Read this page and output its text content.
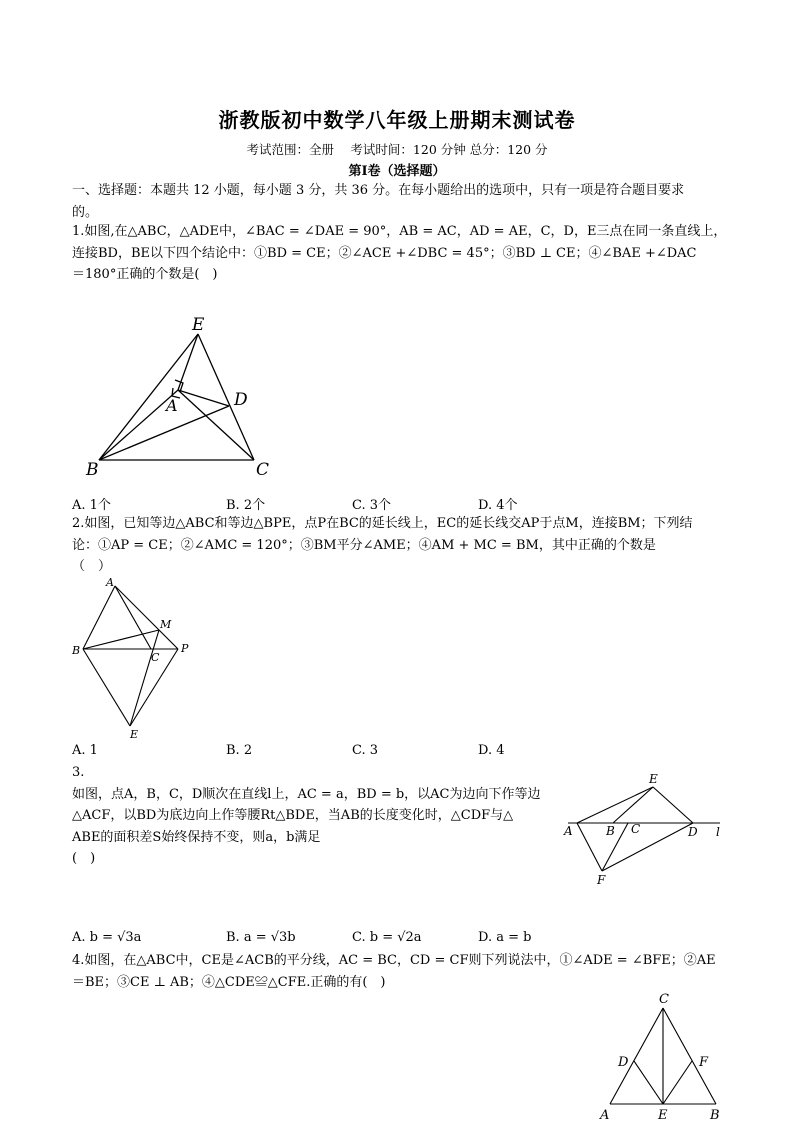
浙教版初中数学八年级上册期末测试卷
考试范围：全册　 考试时间：120 分钟 总分：120 分
第Ⅰ卷（选择题）
一、选择题：本题共 12 小题，每小题 3 分，共 36 分。在每小题给出的选项中，只有一项是符合题目要求
的。
1.如图,在△ABC，△ADE中，∠BAC = ∠DAE = 90°，AB = AC，AD = AE，C，D，E三点在同一条直线上，
连接BD，BE以下四个结论中：①BD = CE；②∠ACE +∠DBC = 45°；③BD ⊥ CE；④∠BAE +∠DAC
＝180°正确的个数是(　)
E
A	D
B	C
A. 1个	B. 2个	C. 3个	D. 4个
2.如图，已知等边△ABC和等边△BPE，点P在BC的延长线上，EC的延长线交AP于点M，连接BM；下列结
论：①AP = CE；②∠AMC = 120°；③BM平分∠AME；④AM + MC = BM，其中正确的个数是
（　）
A
M
B
C
P
E
A. 1	B. 2	C. 3	D. 4
3.
如图，点A，B，C，D顺次在直线l上，AC = a，BD = b，以AC为边向下作等边
△ACF，以BD为底边向上作等腰Rt△BDE，当AB的长度变化时，△CDF与△
ABE的面积差S始终保持不变，则a，b满足
(　)
E
A	B C	D l
F
A. b = √3a	B. a = √3b	C. b = √2a	D. a = b
4.如图，在△ABC中，CE是∠ACB的平分线，AC = BC，CD = CF则下列说法中，①∠ADE = ∠BFE；②AE
＝BE；③CE ⊥ AB；④△CDE≌△CFE.正确的有(　)
C
D	F
A	E	B
